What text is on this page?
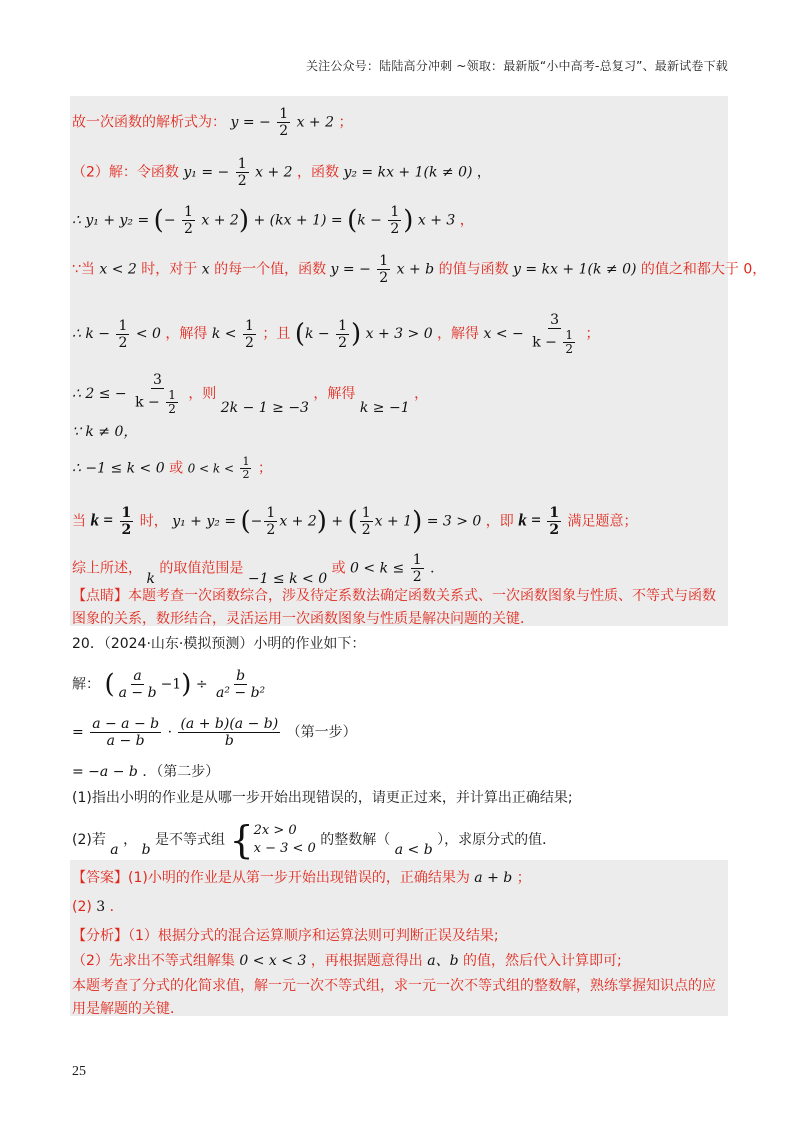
关注公众号：陆陆高分冲刺 ~领取：最新版“小中高考-总复习”、最新试卷下载
故一次函数的解析式为： y = − $\frac{1}{2}$ x + 2 ；
（2）解：令函数 y₁ = − $\frac{1}{2}$ x + 2 ，函数 y₂ = kx + 1(k ≠ 0) ，
∴ y₁ + y₂ = (− $\frac{1}{2}$ $x + 2) + (kx + 1) = (k - \frac{1}{2}$ ) x + 3 ，
∵当 x < 2 时，对于 x 的每一个值，函数 y = − $\frac{1}{2}$ x + b 的值与函数 y = kx + 1(k ≠ 0) 的值之和都大于 0，
∴ $k - \frac{1}{2} < 0$ ，解得 $k < \frac{1}{2}$ ；且 ($k - \frac{1}{2}$ ) x + 3 > 0 ，解得 x < − $\frac{3}{k - \frac{1}{2}}$ ；
∴ 2 ≤ − $\frac{3}{k - \frac{1}{2}}$ ，则 2k − 1 ≥ −3 ，解得 k ≥ −1 ，
∵ k ≠ 0，
∴ −1 ≤ k < 0 或 $0 < k < \frac{1}{2}$ ；
当 $k = \frac{1}{2}$ 时， y₁ + y₂ = (− $\frac{1}{2}$ x + 2) + ( $\frac{1}{2}$ x + 1) = 3 > 0 ，即 $k = \frac{1}{2}$ 满足题意；
综上所述， k 的取值范围是 −1 ≤ k < 0 或 $0 < k \le \frac{1}{2}$ ．
【点睛】本题考查一次函数综合，涉及待定系数法确定函数关系式、一次函数图象与性质、不等式与函数
图象的关系，数形结合，灵活运用一次函数图象与性质是解决问题的关键．
20．（2024·山东·模拟预测）小明的作业如下：
解： ( $\frac{a}{a - b} -1) \div \frac{b}{\text{a² − b²}}$
= $\frac{a - a - b}{a - b} \cdot \frac{(a + b)(a - b)}{b}$ （第一步）
= −a − b ．（第二步）
(1)指出小明的作业是从哪一步开始出现错误的，请更正过来，并计算出正确结果;
(2)若 a ， b 是不等式组 { 2x > 0
x − 3 < 0
的整数解（ a < b ），求原分式的值．
【答案】(1)小明的作业是从第一步开始出现错误的，正确结果为 a + b ；
(2) 3 ．
【分析】（1）根据分式的混合运算顺序和运算法则可判断正误及结果;
（2）先求出不等式组解集 0 < x < 3 ，再根据题意得出 a、b 的值，然后代入计算即可;
本题考查了分式的化简求值，解一元一次不等式组，求一元一次不等式组的整数解，熟练掌握知识点的应
用是解题的关键．
25
